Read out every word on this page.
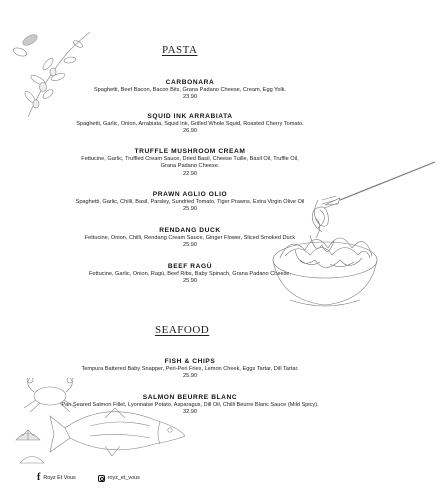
PASTA
CARBONARA
Spaghetti, Beef Bacon, Bacon Bits, Grana Padano Cheese, Cream, Egg Yolk.
23.90
SQUID INK ARRABIATA
Spaghetti, Garlic, Onion, Arrabiata, Squid Ink, Grilled Whole Squid, Roasted Cherry Tomato.
26.90
TRUFFLE MUSHROOM CREAM
Fettucine, Garlic, Truffled Cream Sauce, Dried Basil, Cheese Tuille, Basil Oil, Truffle Oil, Grana Padano Cheese.
22.90
PRAWN AGLIO OLIO
Spaghetti, Garlic, Chilli, Basil, Parsley, Sundried Tomato, Tiger Prawns, Extra Virgin Olive Oil
25.90
RENDANG DUCK
Fettucine, Onion, Chilli, Rendang Cream Sauce, Ginger Flower, Sliced Smoked Duck
25.90
BEEF RAGÙ
Fettucine, Garlic, Onion, Ragù, Beef Ribs, Baby Spinach, Grana Padano Cheese.
25.90
SEAFOOD
FISH & CHIPS
Tempura Battered Baby Snapper, Peri-Peri Fries, Lemon Cheek, Eggs Tartar, Dill Tartar.
25.90
SALMON BEURRE BLANC
Pan Seared Salmon Fillet, Lyonnaise Potato, Asparagus, Dill Oil, Chilli Beurre Blanc Sauce (Mild Spicy).
32.90
f Royz Et Vous	royz_et_vous
